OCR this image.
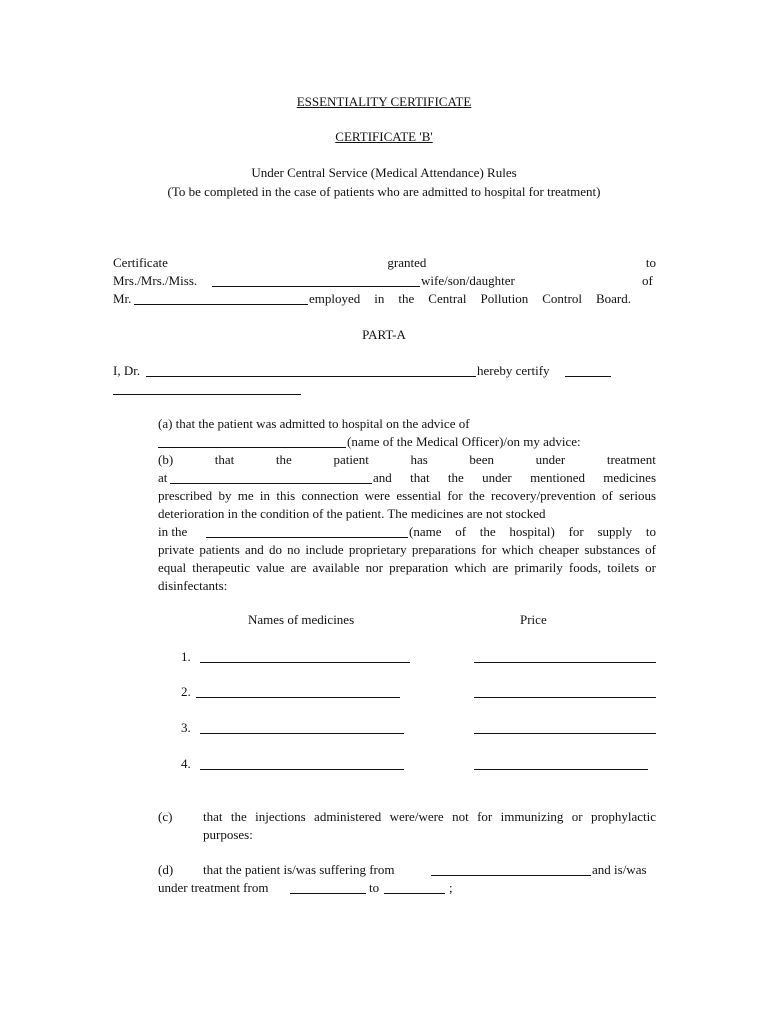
ESSENTIALITY CERTIFICATE
CERTIFICATE 'B'
Under Central Service (Medical Attendance) Rules
(To be completed in the case of patients who are admitted to hospital for treatment)
Certificate	granted	to
Mrs./Mrs./Miss.	wife/son/daughter	of
Mr.	employed in the Central Pollution Control Board.
PART-A
I, Dr.	hereby certify
(a) that the patient was admitted to hospital on the advice of
(name of the Medical Officer)/on my advice:
(b)	that	the	patient	has	been	under	treatment
at	and that the under mentioned medicines
prescribed by me in this connection were essential for the recovery/prevention of serious deterioration in the condition of the patient. The medicines are not stocked
in the	(name of the hospital) for supply to
private patients and do no include proprietary preparations for which cheaper substances of equal therapeutic value are available nor preparation which are primarily foods, toilets or disinfectants:
Names of medicines	Price
1.
2.
3.
4.
(c)	that the injections administered were/were not for immunizing or prophylactic purposes:
(d) that the patient is/was suffering from	and is/was
under treatment from	to	;
